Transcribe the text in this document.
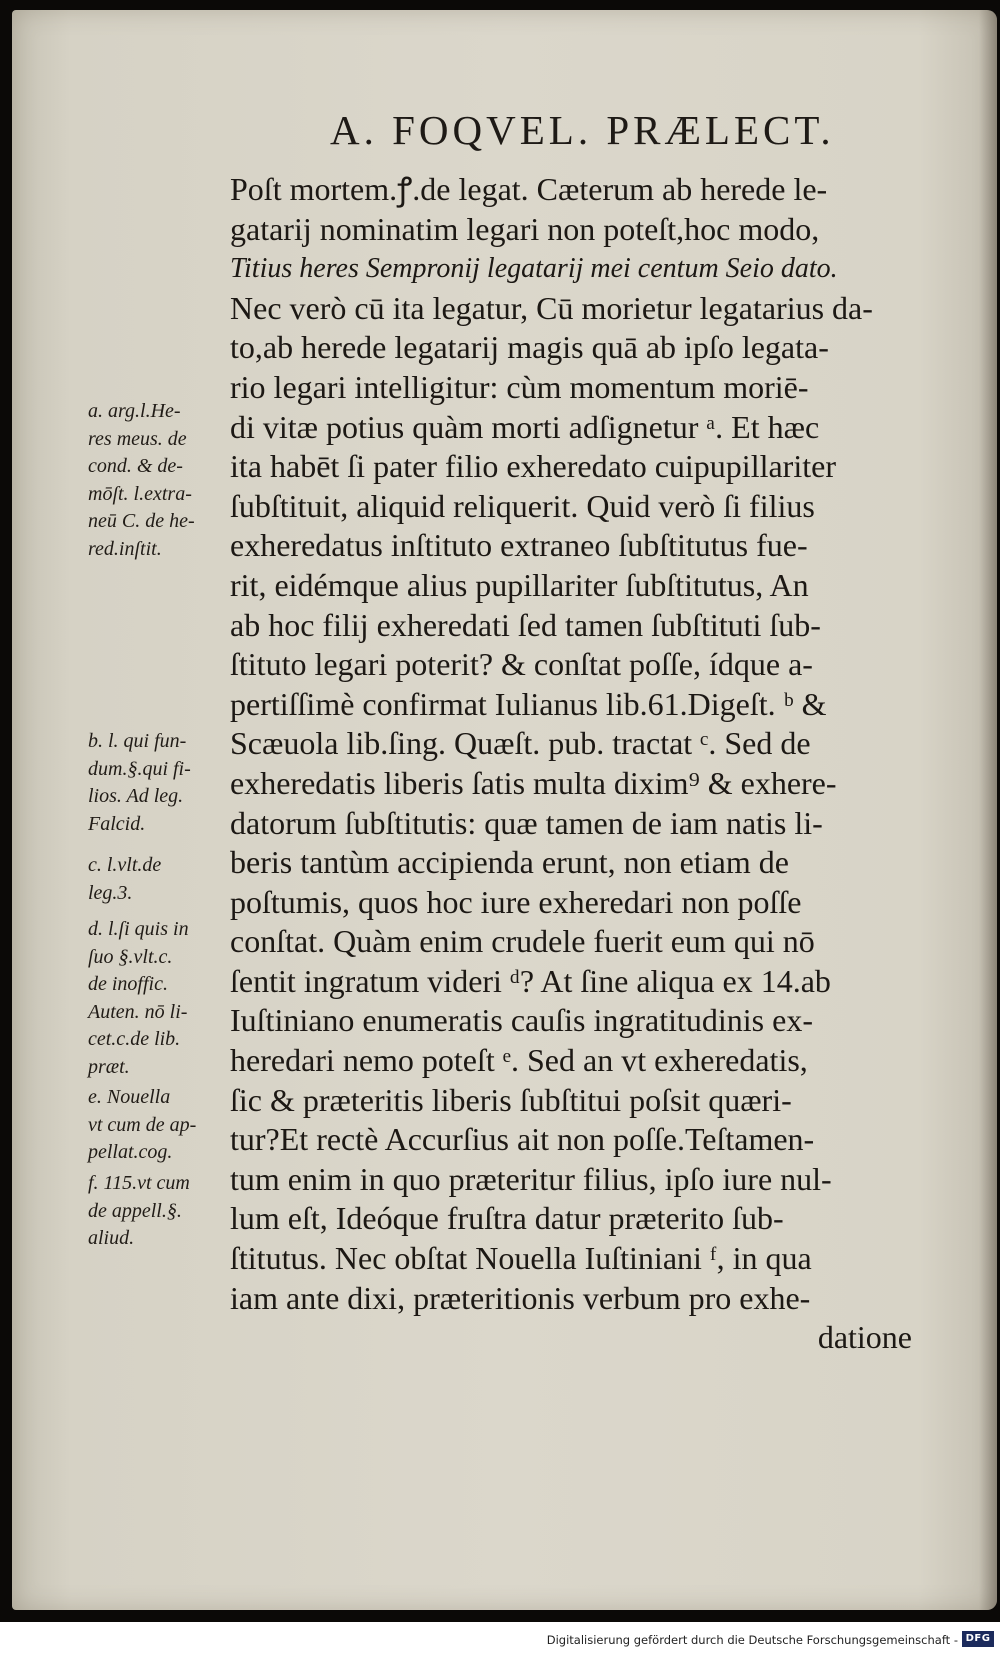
A. FOQVEL. PRÆLECT.
Poſt mortem.ꝭ.de legat. Cæterum ab herede le-
gatarij nominatim legari non poteſt,hoc modo,
Titius heres Sempronij legatarij mei centum Seio dato.
Nec verò cū ita legatur, Cū morietur legatarius da-
to,ab herede legatarij magis quā ab ipſo legata-
rio legari intelligitur: cùm momentum moriē-
di vitæ potius quàm morti adſignetur ᵃ. Et hæc
ita habēt ſi pater filio exheredato cuipupillariter
ſubſtituit, aliquid reliquerit. Quid verò ſi filius
exheredatus inſtituto extraneo ſubſtitutus fue-
rit, eidémque alius pupillariter ſubſtitutus, An
ab hoc filij exheredati ſed tamen ſubſtituti ſub-
ſtituto legari poterit? & conſtat poſſe, ídque a-
pertiſſimè confirmat Iulianus lib.61.Digeſt. ᵇ &
Scæuola lib.ſing. Quæſt. pub. tractat ᶜ. Sed de
exheredatis liberis ſatis multa dixim⁹ & exhere-
datorum ſubſtitutis: quæ tamen de iam natis li-
beris tantùm accipienda erunt, non etiam de
poſtumis, quos hoc iure exheredari non poſſe
conſtat. Quàm enim crudele fuerit eum qui nō
ſentit ingratum videri ᵈ? At ſine aliqua ex 14.ab
Iuſtiniano enumeratis cauſis ingratitudinis ex-
heredari nemo poteſt ᵉ. Sed an vt exheredatis,
ſic & præteritis liberis ſubſtitui poſsit quæri-
tur?Et rectè Accurſius ait non poſſe.Teſtamen-
tum enim in quo præteritur filius, ipſo iure nul-
lum eſt, Ideóque fruſtra datur præterito ſub-
ſtitutus. Nec obſtat Nouella Iuſtiniani ᶠ, in qua
iam ante dixi, præteritionis verbum pro exhe-
datione
a. arg.l.He-
res meus. de
cond. & de-
mōſt. l.extra-
neū C. de he-
red.inſtit.
b. l. qui fun-
dum.§.qui fi-
lios. Ad leg.
Falcid.
c. l.vlt.de
leg.3.
d. l.ſi quis in
ſuo §.vlt.c.
de inoffic.
Auten. nō li-
cet.c.de lib.
præt.
e. Nouella
vt cum de ap-
pellat.cog.
f. 115.vt cum
de appell.§.
aliud.
Digitalisierung gefördert durch die Deutsche Forschungsgemeinschaft - DFG
